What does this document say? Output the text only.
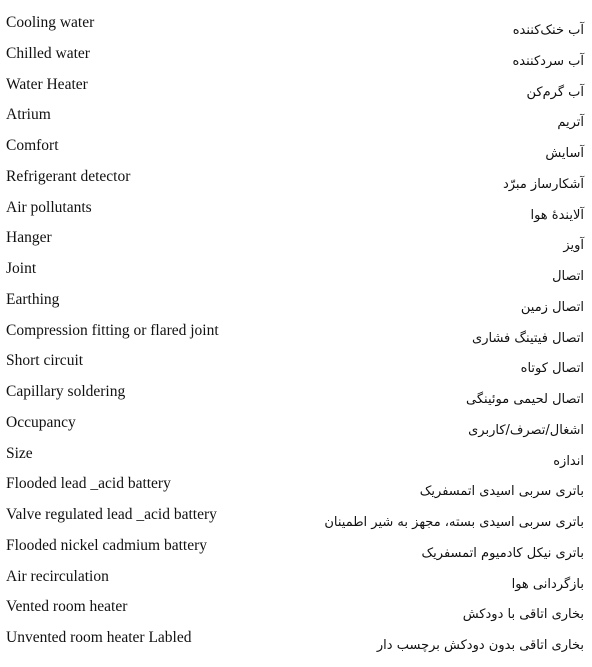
Cooling water	آب خنک‌کننده
Chilled water	آب سردکننده
Water Heater	آب گرم‌کن
Atrium	آتریم
Comfort	آسایش
Refrigerant detector	آشکارساز مبرّد
Air pollutants	آلایندۀ هوا
Hanger	آویز
Joint	اتصال
Earthing	اتصال زمین
Compression fitting or flared joint	اتصال فیتینگ فشاری
Short circuit	اتصال کوتاه
Capillary soldering	اتصال لحیمی موئینگی
Occupancy	اشغال/تصرف/کاربری
Size	اندازه
Flooded lead _acid battery	باتری سربی اسیدی اتمسفریک
Valve regulated lead _acid battery	باتری سربی اسیدی بسته، مجهز به شیر اطمینان
Flooded nickel cadmium battery	باتری نیکل کادمیوم اتمسفریک
Air recirculation	بازگردانی هوا
Vented room heater	بخاری اتاقی با دودکش
Unvented room heater Labled	بخاری اتاقی بدون دودکش برچسب دار
